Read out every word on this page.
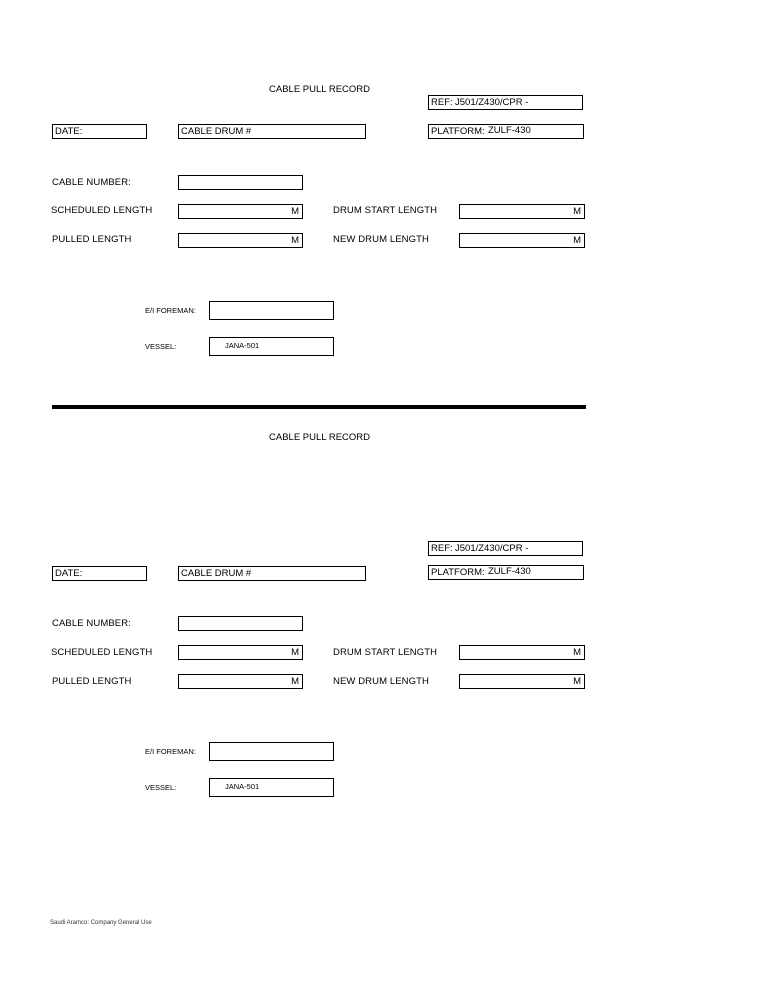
CABLE PULL RECORD
REF: J501/Z430/CPR -
DATE:	CABLE DRUM #	PLATFORM: ZULF-430
CABLE NUMBER:
SCHEDULED LENGTH	M	DRUM START LENGTH	M
PULLED LENGTH	M	NEW DRUM LENGTH	M
E/I FOREMAN:
VESSEL:	JANA-501
CABLE PULL RECORD
REF: J501/Z430/CPR -
DATE:	CABLE DRUM #	PLATFORM: ZULF-430
CABLE NUMBER:
SCHEDULED LENGTH	M	DRUM START LENGTH	M
PULLED LENGTH	M	NEW DRUM LENGTH	M
E/I FOREMAN:
VESSEL:	JANA-501
Saudi Aramco: Company General Use
